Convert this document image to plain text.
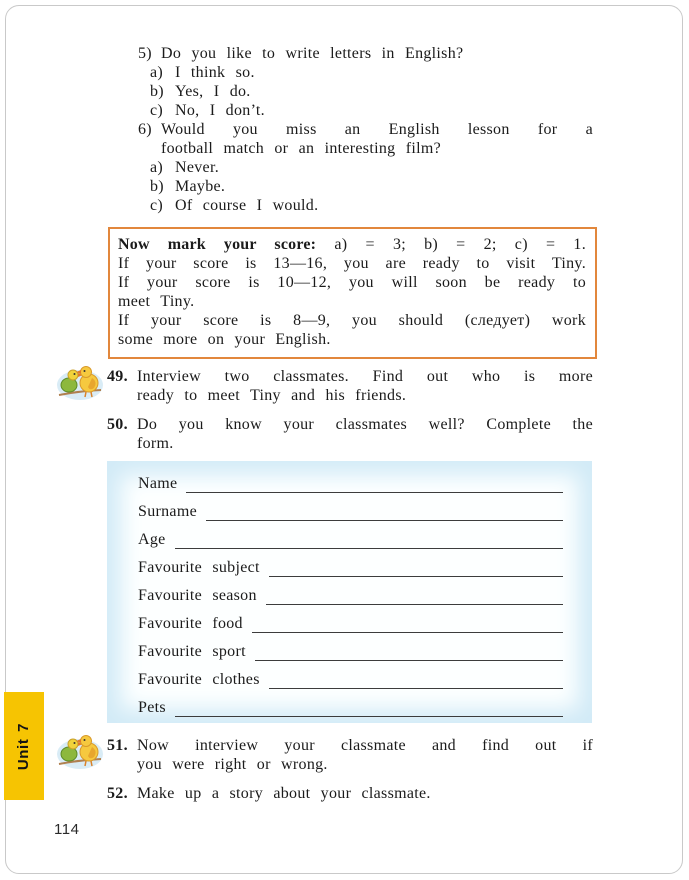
5) Do you like to write letters in English?
a) I think so.
b) Yes, I do.
c) No, I don’t.
6) Would you miss an English lesson for a
football match or an interesting film?
a) Never.
b) Maybe.
c) Of course I would.
Now mark your score: a) = 3; b) = 2; c) = 1.
If your score is 13—16, you are ready to visit Tiny.
If your score is 10—12, you will soon be ready to
meet Tiny.
If your score is 8—9, you should (следует) work
some more on your English.
49. Interview two classmates. Find out who is more
ready to meet Tiny and his friends.
50. Do you know your classmates well? Complete the
form.
Name
Surname
Age
Favourite subject
Favourite season
Favourite food
Favourite sport
Favourite clothes
Pets
51. Now interview your classmate and find out if
you were right or wrong.
52. Make up a story about your classmate.
Unit 7
114
